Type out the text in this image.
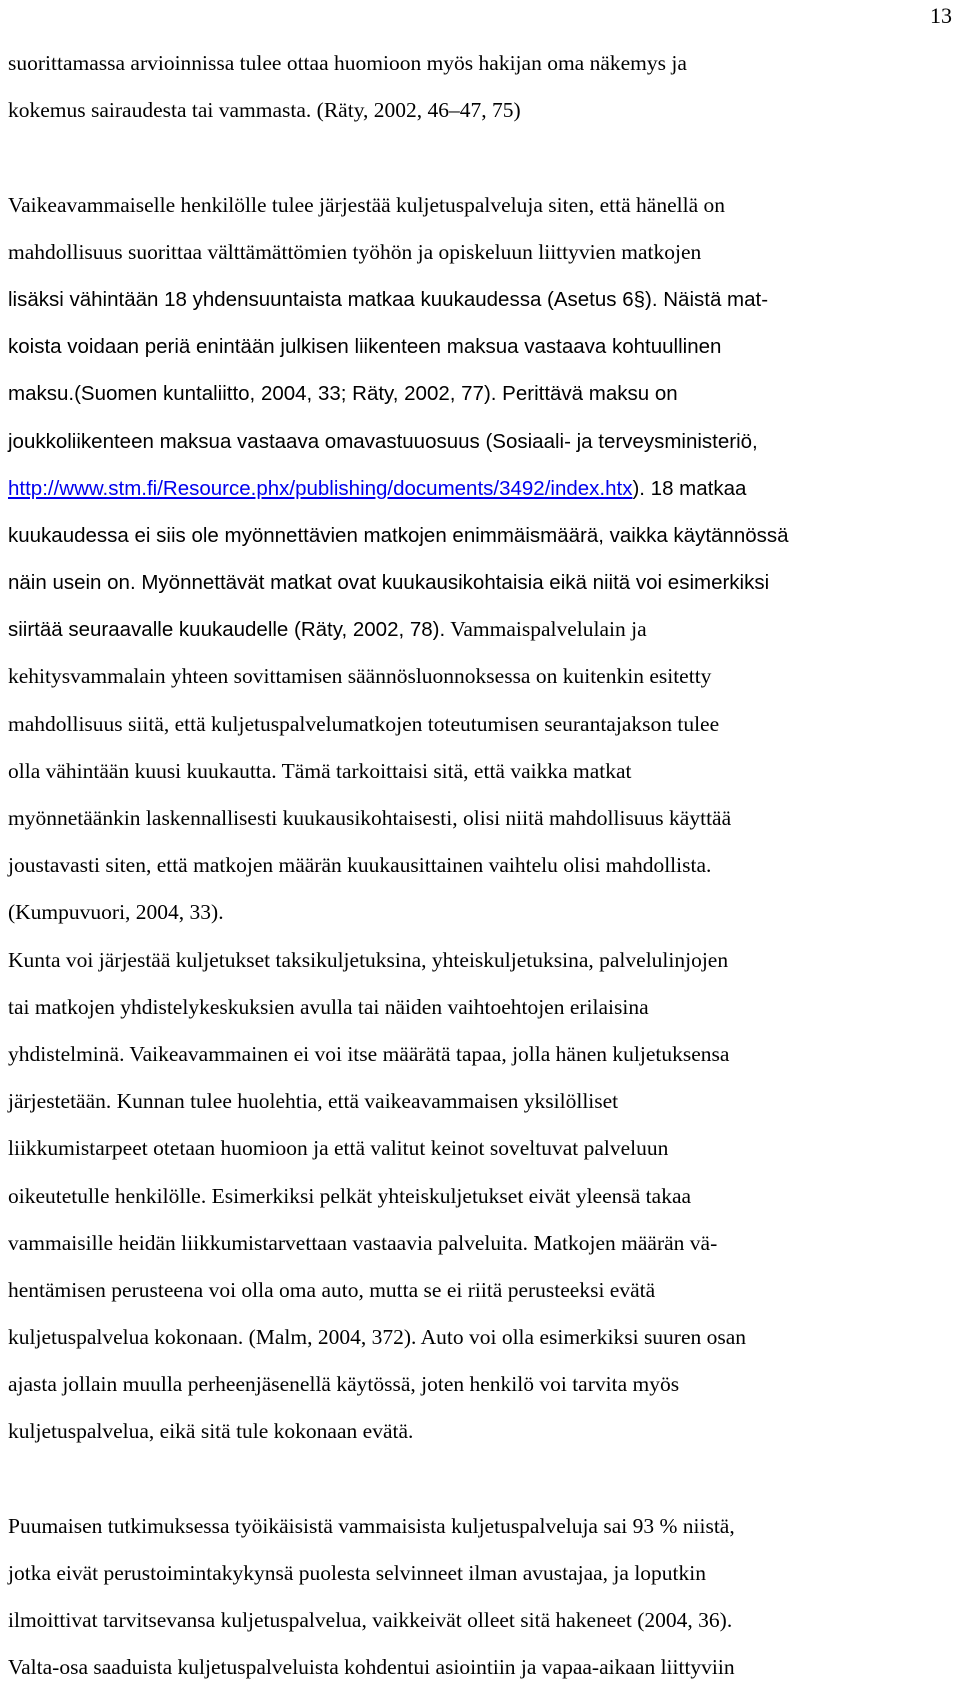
13
suorittamassa arvioinnissa tulee ottaa huomioon myös hakijan oma näkemys ja
kokemus sairaudesta tai vammasta. (Räty, 2002, 46–47, 75)
Vaikeavammaiselle henkilölle tulee järjestää kuljetuspalveluja siten, että hänellä on
mahdollisuus suorittaa välttämättömien työhön ja opiskeluun liittyvien matkojen
lisäksi vähintään 18 yhdensuuntaista matkaa kuukaudessa (Asetus 6§). Näistä mat-
koista voidaan periä enintään julkisen liikenteen maksua vastaava kohtuullinen
maksu.(Suomen kuntaliitto, 2004, 33; Räty, 2002, 77). Perittävä maksu on
joukkoliikenteen maksua vastaava omavastuuosuus (Sosiaali- ja terveysministeriö,
http://www.stm.fi/Resource.phx/publishing/documents/3492/index.htx). 18 matkaa
kuukaudessa ei siis ole myönnettävien matkojen enimmäismäärä, vaikka käytännössä
näin usein on. Myönnettävät matkat ovat kuukausikohtaisia eikä niitä voi esimerkiksi
siirtää seuraavalle kuukaudelle (Räty, 2002, 78). Vammaispalvelulain ja
kehitysvammalain yhteen sovittamisen säännösluonnoksessa on kuitenkin esitetty
mahdollisuus siitä, että kuljetuspalvelumatkojen toteutumisen seurantajakson tulee
olla vähintään kuusi kuukautta. Tämä tarkoittaisi sitä, että vaikka matkat
myönnetäänkin laskennallisesti kuukausikohtaisesti, olisi niitä mahdollisuus käyttää
joustavasti siten, että matkojen määrän kuukausittainen vaihtelu olisi mahdollista.
(Kumpuvuori, 2004, 33).
Kunta voi järjestää kuljetukset taksikuljetuksina, yhteiskuljetuksina, palvelulinjojen
tai matkojen yhdistelykeskuksien avulla tai näiden vaihtoehtojen erilaisina
yhdistelminä. Vaikeavammainen ei voi itse määrätä tapaa, jolla hänen kuljetuksensa
järjestetään. Kunnan tulee huolehtia, että vaikeavammaisen yksilölliset
liikkumistarpeet otetaan huomioon ja että valitut keinot soveltuvat palveluun
oikeutetulle henkilölle. Esimerkiksi pelkät yhteiskuljetukset eivät yleensä takaa
vammaisille heidän liikkumistarvettaan vastaavia palveluita. Matkojen määrän vä-
hentämisen perusteena voi olla oma auto, mutta se ei riitä perusteeksi evätä
kuljetuspalvelua kokonaan. (Malm, 2004, 372). Auto voi olla esimerkiksi suuren osan
ajasta jollain muulla perheenjäsenellä käytössä, joten henkilö voi tarvita myös
kuljetuspalvelua, eikä sitä tule kokonaan evätä.
Puumaisen tutkimuksessa työikäisistä vammaisista kuljetuspalveluja sai 93 % niistä,
jotka eivät perustoimintakykynsä puolesta selvinneet ilman avustajaa, ja loputkin
ilmoittivat tarvitsevansa kuljetuspalvelua, vaikkeivät olleet sitä hakeneet (2004, 36).
Valta-osa saaduista kuljetuspalveluista kohdentui asiointiin ja vapaa-aikaan liittyviin
